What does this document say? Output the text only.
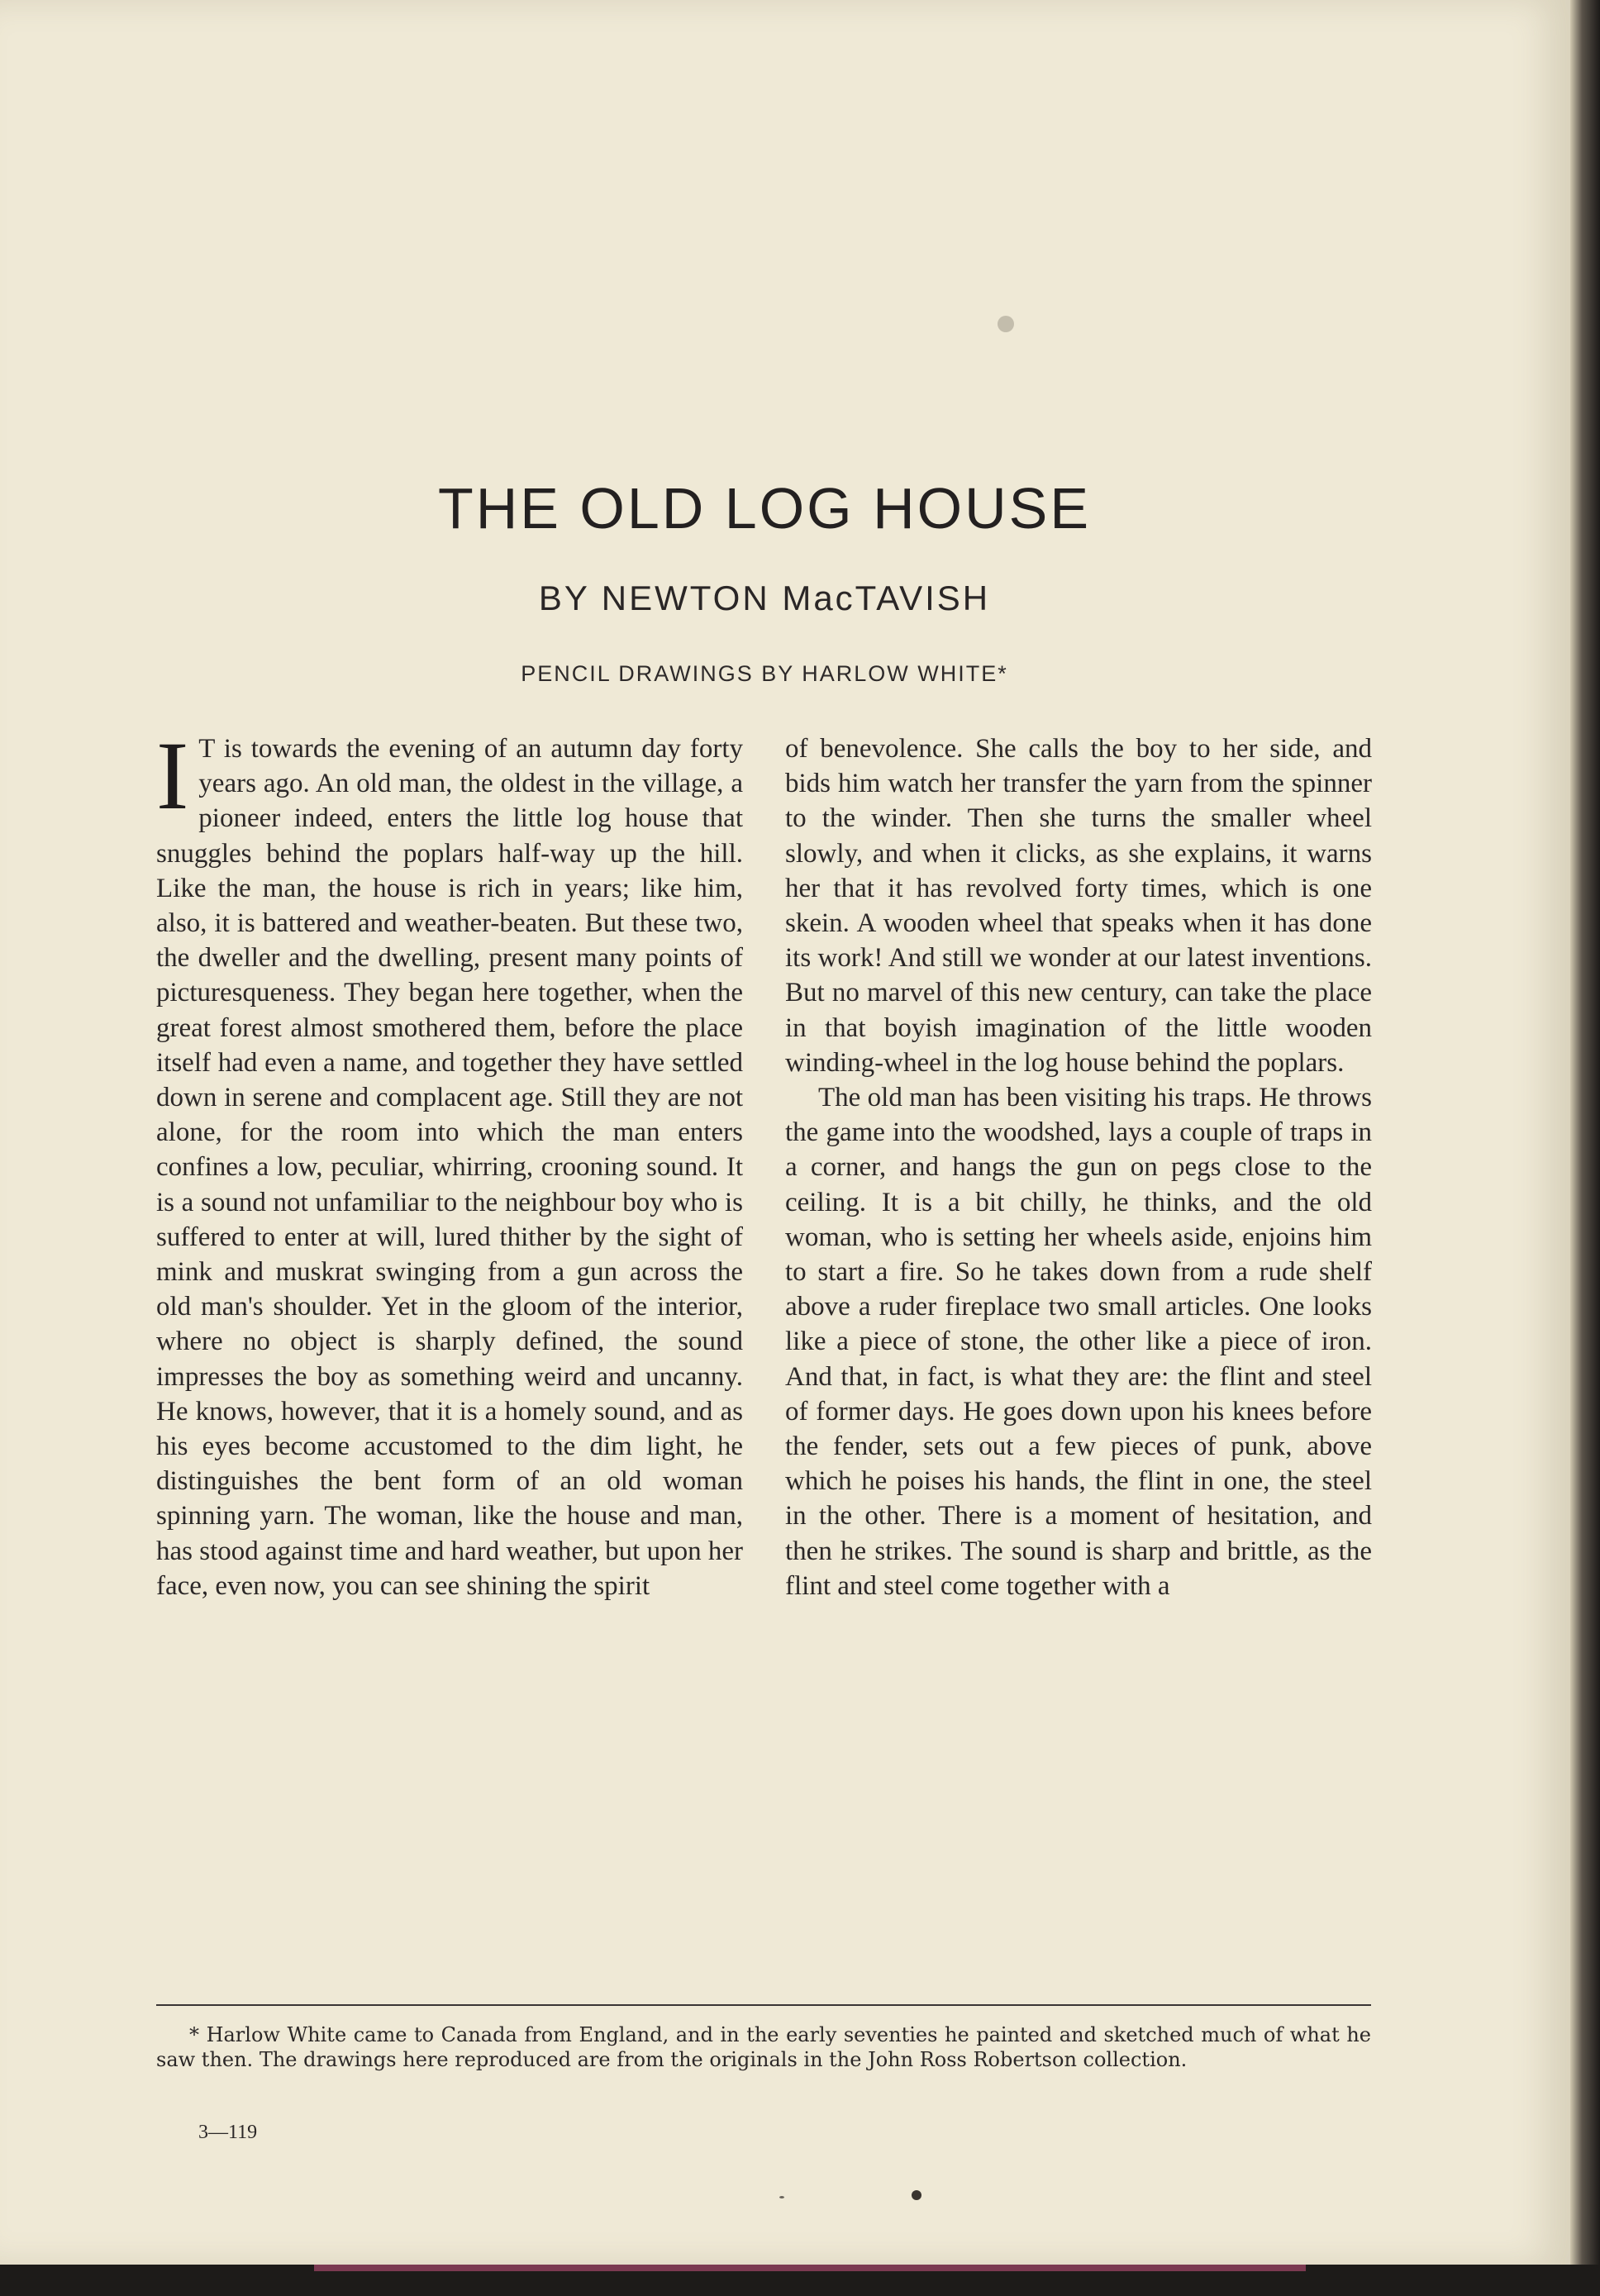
THE OLD LOG HOUSE

BY NEWTON MacTAVISH

PENCIL DRAWINGS BY HARLOW WHITE*

I T is towards the evening of an autumn day forty years ago. An old man, the oldest in the village, a pioneer indeed, enters the little log house that snuggles behind the poplars half-way up the hill. Like the man, the house is rich in years; like him, also, it is battered and weather-beaten. But these two, the dweller and the dwelling, present many points of picturesqueness. They began here together, when the great forest almost smothered them, before the place itself had even a name, and together they have settled down in serene and complacent age. Still they are not alone, for the room into which the man enters confines a low, peculiar, whirring, crooning sound. It is a sound not unfamiliar to the neighbour boy who is suffered to enter at will, lured thither by the sight of mink and muskrat swinging from a gun across the old man's shoulder. Yet in the gloom of the interior, where no object is sharply defined, the sound impresses the boy as something weird and uncanny. He knows, however, that it is a homely sound, and as his eyes become accustomed to the dim light, he distinguishes the bent form of an old woman spinning yarn. The woman, like the house and man, has stood against time and hard weather, but upon her face, even now, you can see shining the spirit

of benevolence. She calls the boy to her side, and bids him watch her transfer the yarn from the spinner to the winder. Then she turns the smaller wheel slowly, and when it clicks, as she explains, it warns her that it has revolved forty times, which is one skein. A wooden wheel that speaks when it has done its work! And still we wonder at our latest inventions. But no marvel of this new century, can take the place in that boyish imagination of the little wooden winding-wheel in the log house behind the poplars.

The old man has been visiting his traps. He throws the game into the woodshed, lays a couple of traps in a corner, and hangs the gun on pegs close to the ceiling. It is a bit chilly, he thinks, and the old woman, who is setting her wheels aside, enjoins him to start a fire. So he takes down from a rude shelf above a ruder fireplace two small articles. One looks like a piece of stone, the other like a piece of iron. And that, in fact, is what they are: the flint and steel of former days. He goes down upon his knees before the fender, sets out a few pieces of punk, above which he poises his hands, the flint in one, the steel in the other. There is a moment of hesitation, and then he strikes. The sound is sharp and brittle, as the flint and steel come together with a

* Harlow White came to Canada from England, and in the early seventies he painted and sketched much of what he saw then. The drawings here reproduced are from the originals in the John Ross Robertson collection.

3—119
